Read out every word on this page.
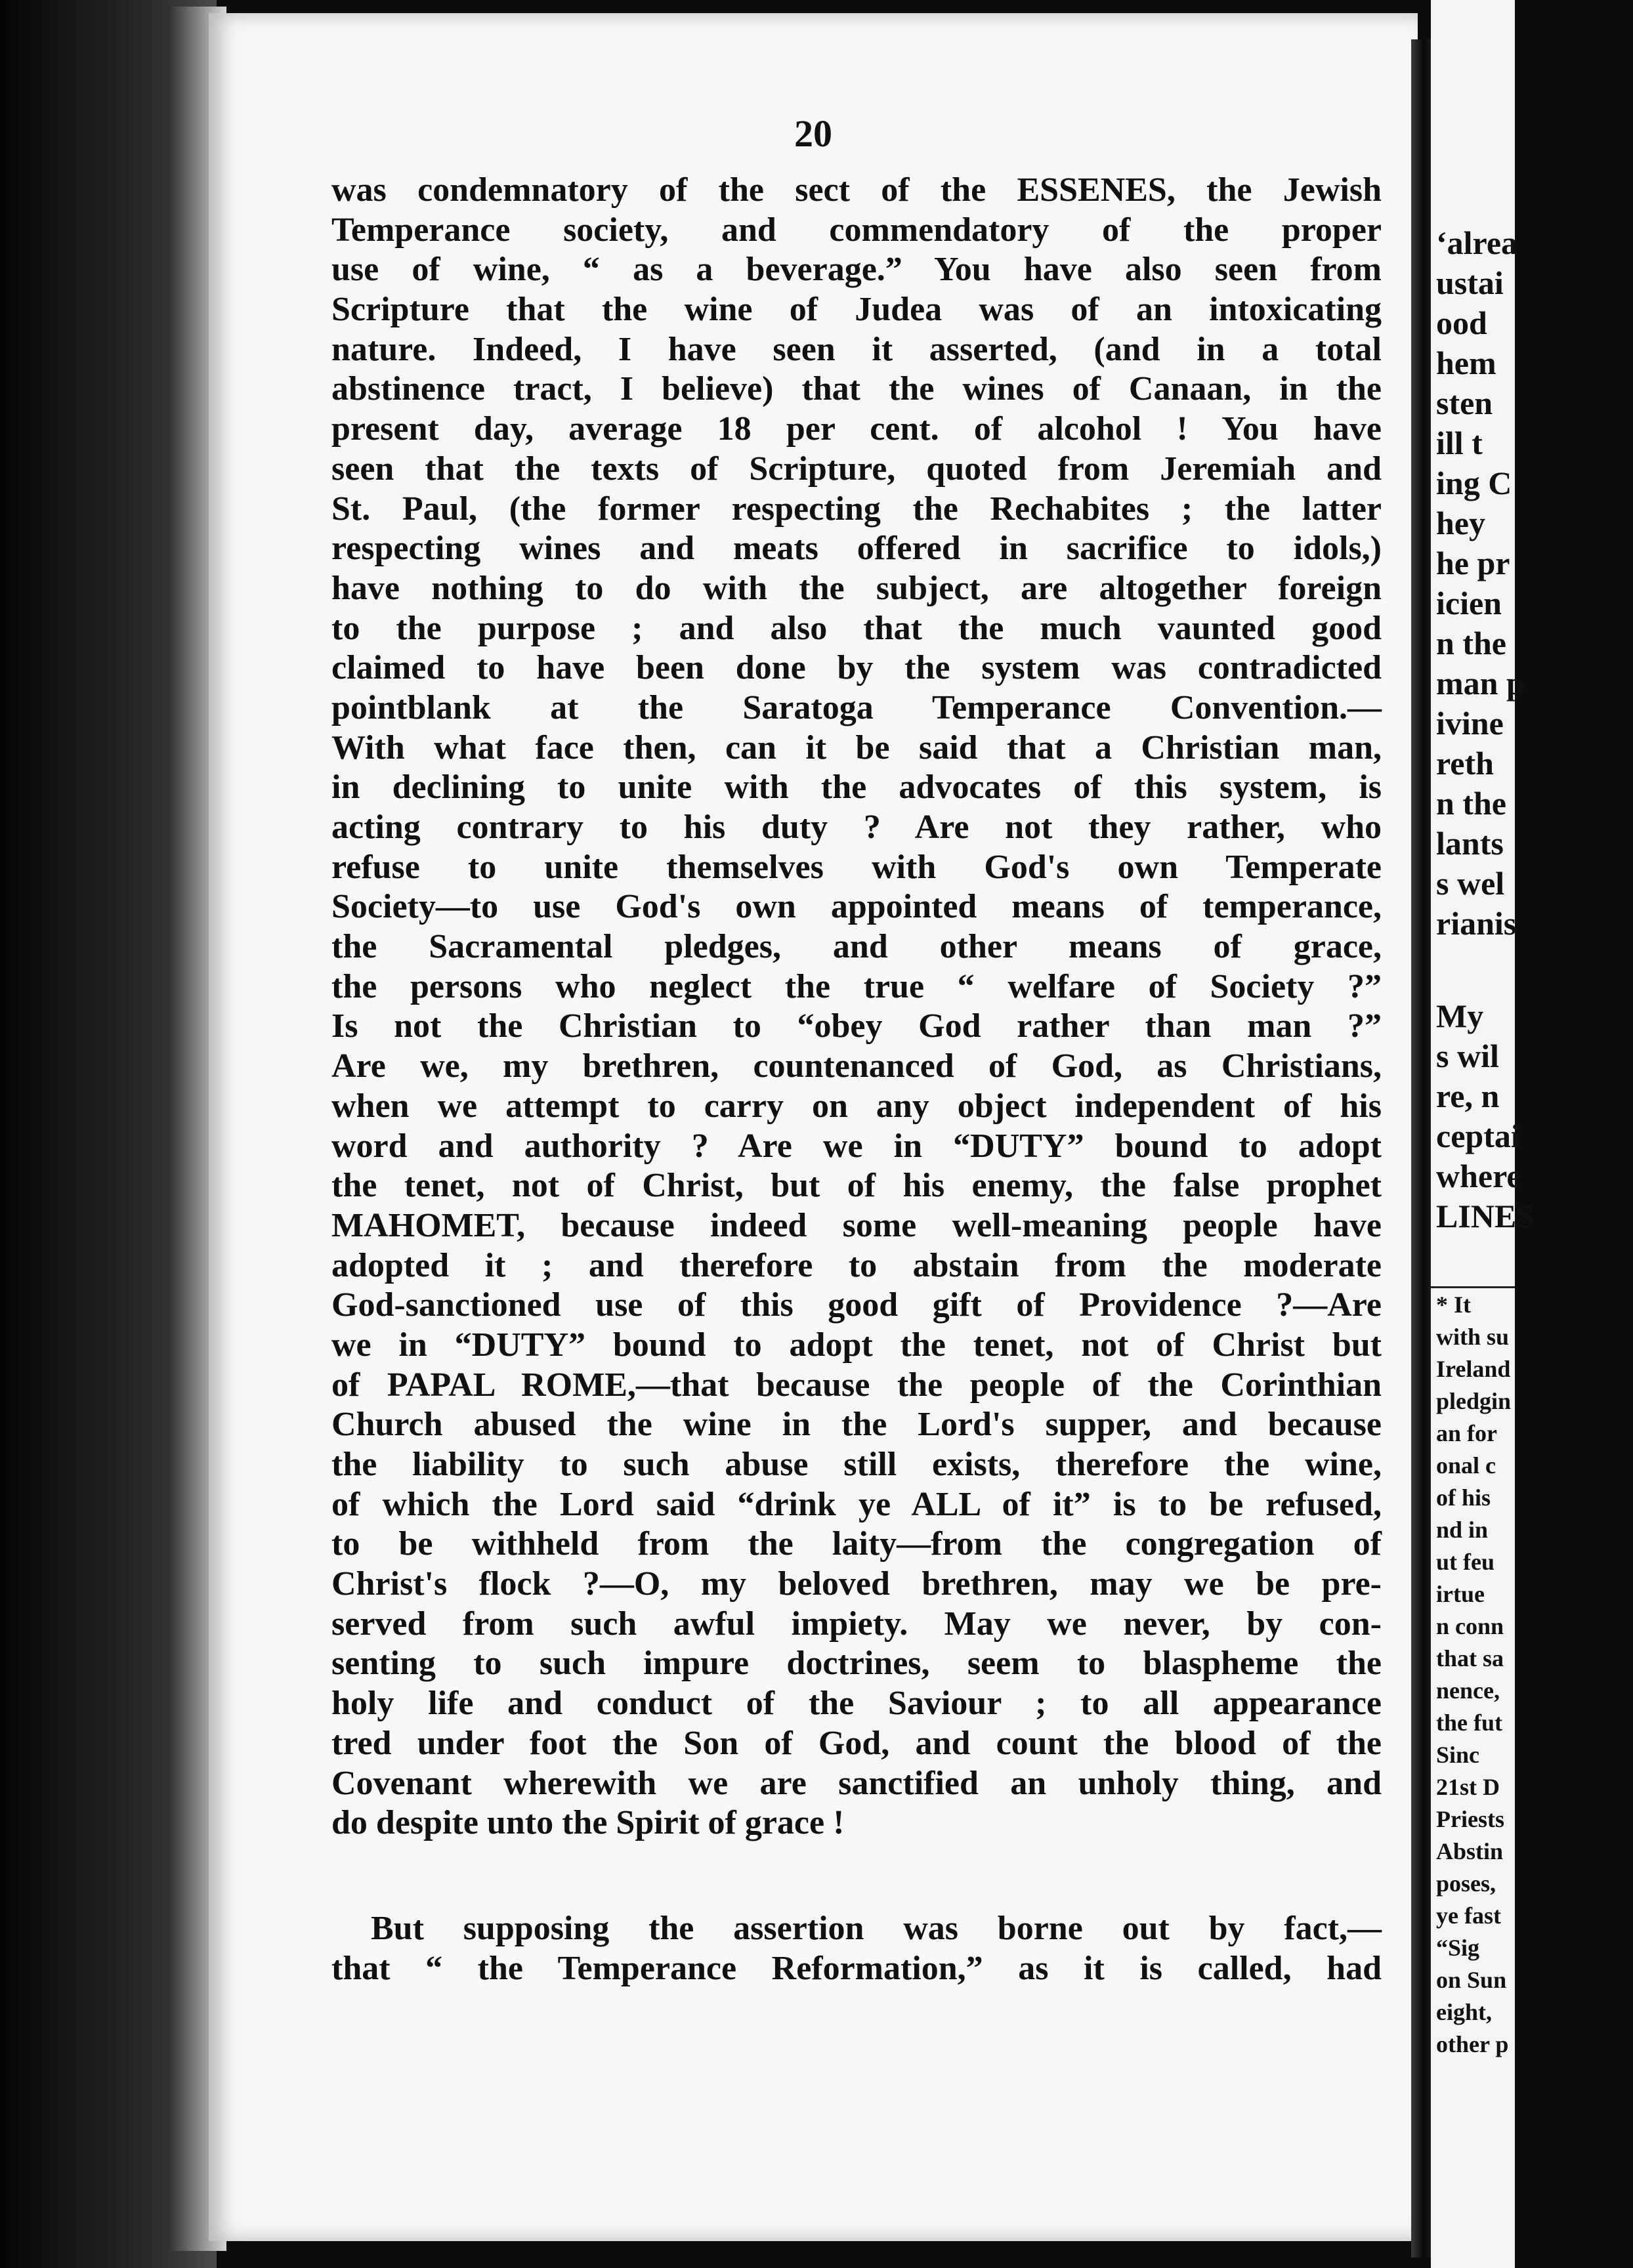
20
was condemnatory of the sect of the ESSENES, the Jewish
Temperance society, and commendatory of the proper
use of wine, “ as a beverage.” You have also seen from
Scripture that the wine of Judea was of an intoxicating
nature. Indeed, I have seen it asserted, (and in a total
abstinence tract, I believe) that the wines of Canaan, in the
present day, average 18 per cent. of alcohol ! You have
seen that the texts of Scripture, quoted from Jeremiah and
St. Paul, (the former respecting the Rechabites ; the latter
respecting wines and meats offered in sacrifice to idols,)
have nothing to do with the subject, are altogether foreign
to the purpose ; and also that the much vaunted good
claimed to have been done by the system was contradicted
pointblank at the Saratoga Temperance Convention.—
With what face then, can it be said that a Christian man,
in declining to unite with the advocates of this system, is
acting contrary to his duty ? Are not they rather, who
refuse to unite themselves with God's own Temperate
Society—to use God's own appointed means of temperance,
the Sacramental pledges, and other means of grace,
the persons who neglect the true “ welfare of Society ?”
Is not the Christian to “obey God rather than man ?”
Are we, my brethren, countenanced of God, as Christians,
when we attempt to carry on any object independent of his
word and authority ? Are we in “DUTY” bound to adopt
the tenet, not of Christ, but of his enemy, the false prophet
MAHOMET, because indeed some well-meaning people have
adopted it ; and therefore to abstain from the moderate
God-sanctioned use of this good gift of Providence ?—Are
we in “DUTY” bound to adopt the tenet, not of Christ but
of PAPAL ROME,—that because the people of the Corinthian
Church abused the wine in the Lord's supper, and because
the liability to such abuse still exists, therefore the wine,
of which the Lord said “drink ye ALL of it” is to be refused,
to be withheld from the laity—from the congregation of
Christ's flock ?—O, my beloved brethren, may we be pre-
served from such awful impiety. May we never, by con-
senting to such impure doctrines, seem to blaspheme the
holy life and conduct of the Saviour ; to all appearance
tred under foot the Son of God, and count the blood of the
Covenant wherewith we are sanctified an unholy thing, and
do despite unto the Spirit of grace !
But supposing the assertion was borne out by fact,—
that “ the Temperance Reformation,” as it is called, had
‘alrea
ustai
ood
hem
sten
ill t
ing C
hey
he pr
icien
n the
man p
ivine
reth
n the
lants
s wel
rianis
My
s wil
re, n
ceptai
where
LINES
* It
with su
Ireland
pledgin
an for
onal c
of his
nd in
ut feu
irtue
n conn
that sa
nence,
the fut
Sinc
21st D
Priests
Abstin
poses,
ye fast
“Sig
on Sun
eight,
other p
